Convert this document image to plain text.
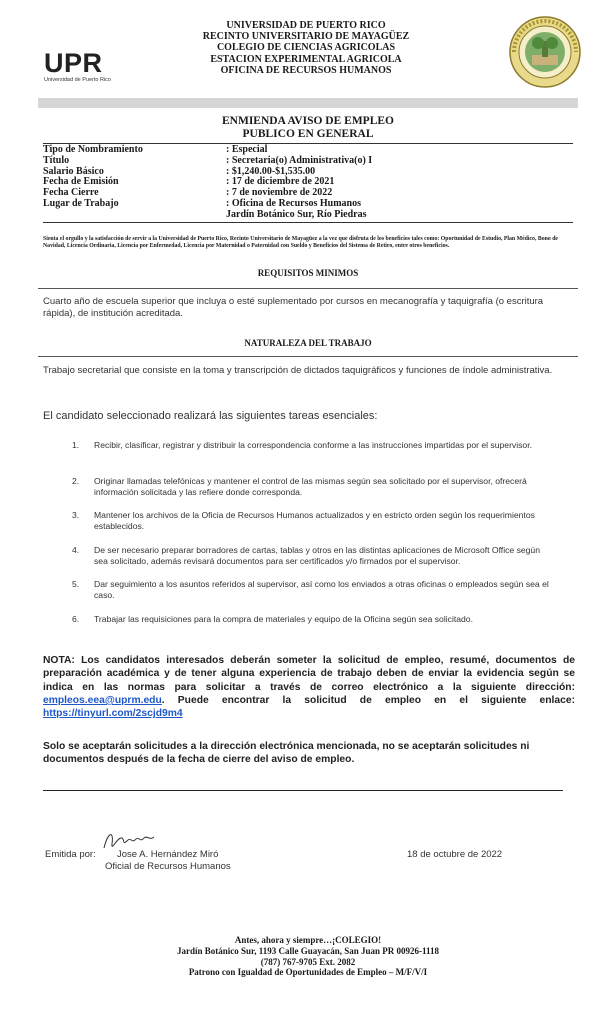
UPR
Universidad de Puerto Rico
UNIVERSIDAD DE PUERTO RICO
RECINTO UNIVERSITARIO DE MAYAGÜEZ
COLEGIO DE CIENCIAS AGRICOLAS
ESTACION EXPERIMENTAL AGRICOLA
OFICINA DE RECURSOS HUMANOS
ENMIENDA AVISO DE EMPLEO
PUBLICO EN GENERAL
Tipo de Nombramiento	: Especial
Título	: Secretaria(o) Administrativa(o) I
Salario Básico	: $1,240.00-$1,535.00
Fecha de Emisión	: 17 de diciembre de 2021
Fecha Cierre	: 7 de noviembre de 2022
Lugar de Trabajo	: Oficina de Recursos Humanos
Jardín Botánico Sur, Río Piedras
Sienta el orgullo y la satisfacción de servir a la Universidad de Puerto Rico, Recinto Universitario de Mayagüez a la vez que disfruta de los beneficios tales como: Oportunidad de Estudio, Plan Médico, Bono de Navidad, Licencia Ordinaria, Licencia por Enfermedad, Licencia por Maternidad o Paternidad con Sueldo y Beneficios del Sistema de Retiro, entre otros beneficios.
REQUISITOS MINIMOS
Cuarto año de escuela superior que incluya o esté suplementado por cursos en mecanografía y taquigrafía (o escritura rápida), de institución acreditada.
NATURALEZA DEL TRABAJO
Trabajo secretarial que consiste en la toma y transcripción de dictados taquigráficos y funciones de índole administrativa.
El candidato seleccionado realizará las siguientes tareas esenciales:
1.	Recibir, clasificar, registrar y distribuir la correspondencia conforme a las instrucciones impartidas por el supervisor.
2.	Originar llamadas telefónicas y mantener el control de las mismas según sea solicitado por el supervisor, ofrecerá información solicitada y las refiere donde corresponda.
3.	Mantener los archivos de la Oficia de Recursos Humanos actualizados y en estricto orden según los requerimientos establecidos.
4.	De ser necesario preparar borradores de cartas, tablas y otros en las distintas aplicaciones de Microsoft Office según sea solicitado, además revisará documentos para ser certificados y/o firmados por el supervisor.
5.	Dar seguimiento a los asuntos referidos al supervisor, así como los enviados a otras oficinas o empleados según sea el caso.
6.	Trabajar las requisiciones para la compra de materiales y equipo de la Oficina según sea solicitado.
NOTA: Los candidatos interesados deberán someter la solicitud de empleo, resumé, documentos de preparación académica y de tener alguna experiencia de trabajo deben de enviar la evidencia según se indica en las normas para solicitar a través de correo electrónico a la siguiente dirección: empleos.eea@uprm.edu. Puede encontrar la solicitud de empleo en el siguiente enlace: https://tinyurl.com/2scjd9m4
Solo se aceptarán solicitudes a la dirección electrónica mencionada, no se aceptarán solicitudes ni documentos después de la fecha de cierre del aviso de empleo.
Emitida por:	Jose A. Hernández Miró
Oficial de Recursos Humanos
18 de octubre de 2022
Antes, ahora y siempre…¡COLEGIO!
Jardín Botánico Sur, 1193 Calle Guayacán, San Juan PR 00926-1118
(787) 767-9705 Ext. 2082
Patrono con Igualdad de Oportunidades de Empleo – M/F/V/I
